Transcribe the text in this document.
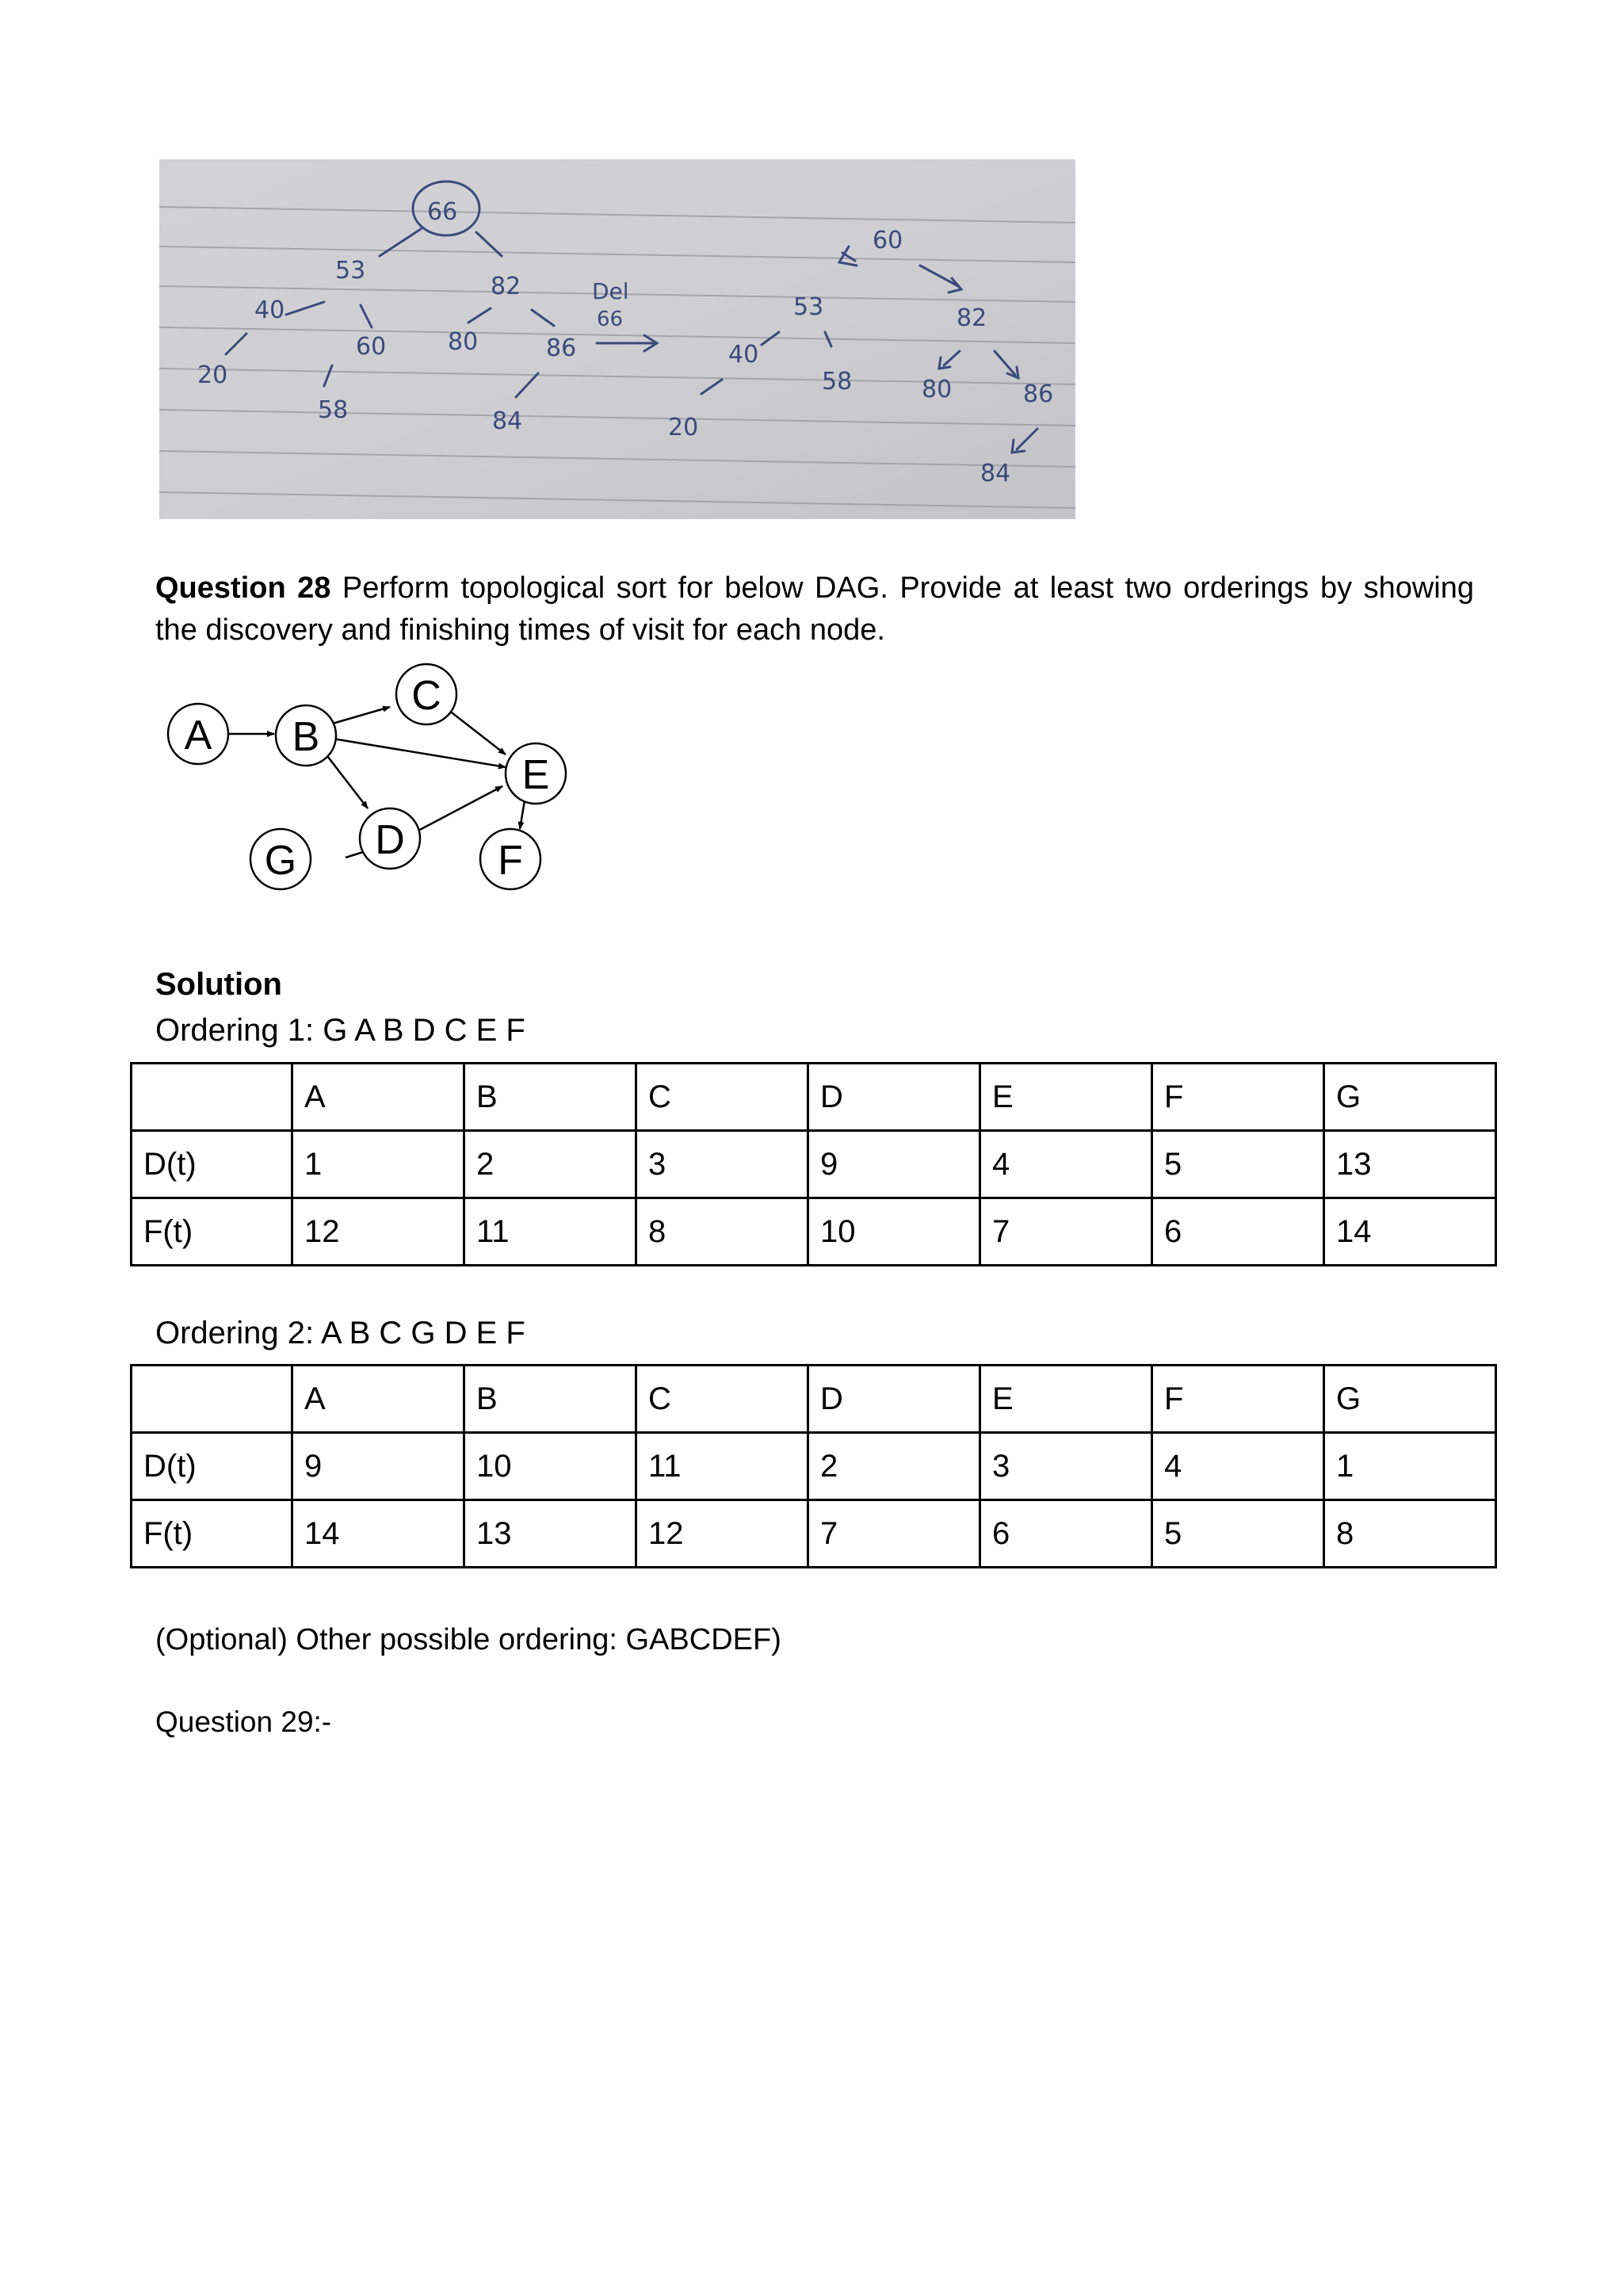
66
53
82
40
60	80	86
20
58	84
Del
66
60
53	82
40
58	80	86
20
84
Question 28 Perform topological sort for below DAG. Provide at least two orderings by showing the discovery and finishing times of visit for each node.
A B
C
D
E
F
G
Solution
Ordering 1: G A B D C E F
	A	B	C	D	E	F	G
D(t)	1	2	3	9	4	5	13
F(t)	12	11	8	10	7	6	14
Ordering 2: A B C G D E F
	A	B	C	D	E	F	G
D(t)	9	10	11	2	3	4	1
F(t)	14	13	12	7	6	5	8
(Optional) Other possible ordering: GABCDEF)
Question 29:-
